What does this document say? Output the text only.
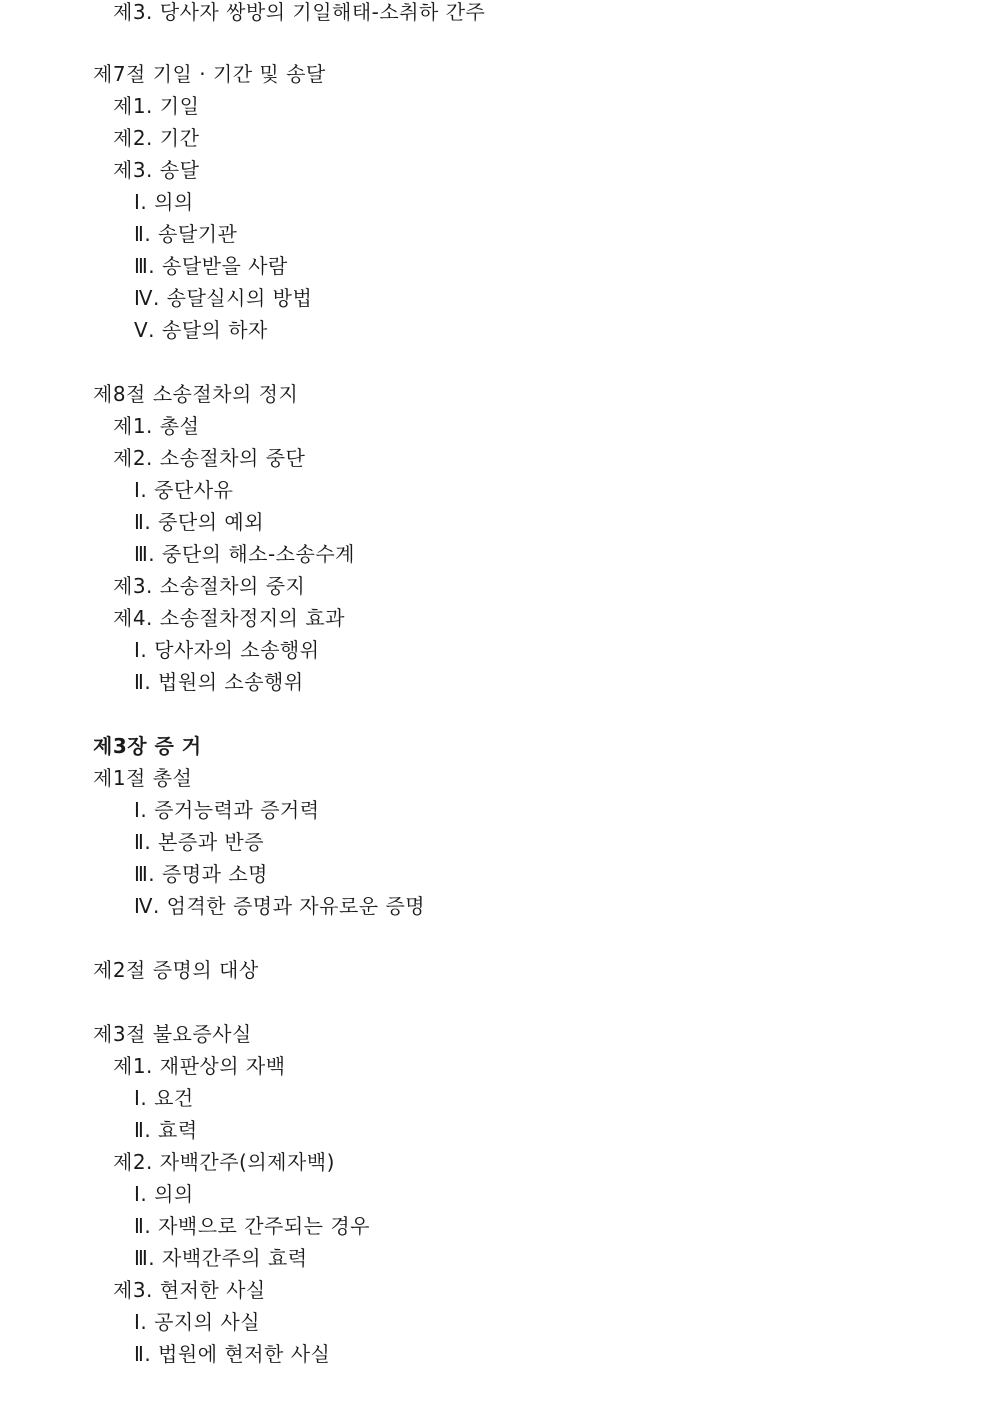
제3. 당사자 쌍방의 기일해태-소취하 간주
제7절 기일 · 기간 및 송달
제1. 기일
제2. 기간
제3. 송달
Ⅰ. 의의
Ⅱ. 송달기관
Ⅲ. 송달받을 사람
Ⅳ. 송달실시의 방법
Ⅴ. 송달의 하자
제8절 소송절차의 정지
제1. 총설
제2. 소송절차의 중단
Ⅰ. 중단사유
Ⅱ. 중단의 예외
Ⅲ. 중단의 해소-소송수계
제3. 소송절차의 중지
제4. 소송절차정지의 효과
Ⅰ. 당사자의 소송행위
Ⅱ. 법원의 소송행위
제3장 증 거
제1절 총설
Ⅰ. 증거능력과 증거력
Ⅱ. 본증과 반증
Ⅲ. 증명과 소명
Ⅳ. 엄격한 증명과 자유로운 증명
제2절 증명의 대상
제3절 불요증사실
제1. 재판상의 자백
Ⅰ. 요건
Ⅱ. 효력
제2. 자백간주(의제자백)
Ⅰ. 의의
Ⅱ. 자백으로 간주되는 경우
Ⅲ. 자백간주의 효력
제3. 현저한 사실
Ⅰ. 공지의 사실
Ⅱ. 법원에 현저한 사실
